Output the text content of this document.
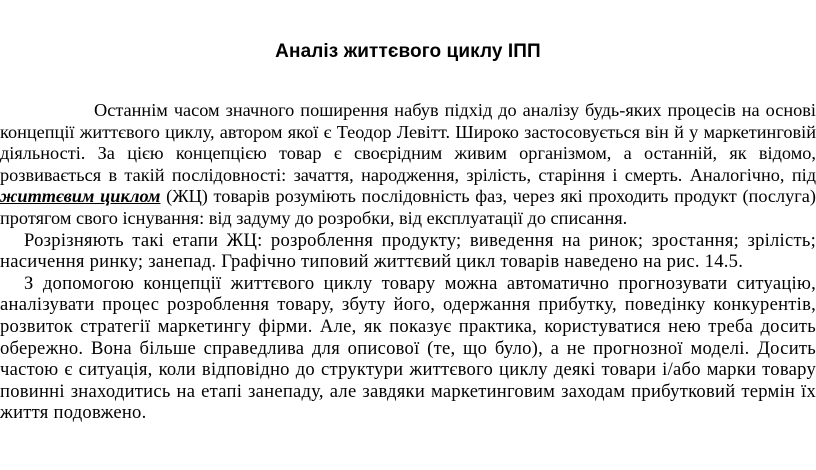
Аналіз життєвого циклу ІПП

Останнім часом значного поширення набув підхід до аналізу будь-яких процесів на основі концепції життєвого циклу, автором якої є Теодор Левітт. Широко застосовується він й у маркетинговій діяльності. За цією концепцією товар є своєрідним живим організмом, а останній, як відомо, розвивається в такій послідовності: зачаття, народження, зрілість, старіння і смерть. Аналогічно, під життєвим циклом (ЖЦ) товарів розуміють послідовність фаз, через які проходить продукт (послуга) протягом свого існування: від задуму до розробки, від експлуатації до списання.

Розрізняють такі етапи ЖЦ: розроблення продукту; виведення на ринок; зростання; зрілість; насичення ринку; занепад. Графічно типовий життєвий цикл товарів наведено на рис. 14.5.

З допомогою концепції життєвого циклу товару можна автоматично прогнозувати ситуацію, аналізувати процес розроблення товару, збуту його, одержання прибутку, поведінку конкурентів, розвиток стратегії маркетингу фірми. Але, як показує практика, користуватися нею треба досить обережно. Вона більше справедлива для описової (те, що було), а не прогнозної моделі. Досить частою є ситуація, коли відповідно до структури життєвого циклу деякі товари і/або марки товару повинні знаходитись на етапі занепаду, але завдяки маркетинговим заходам прибутковий термін їх життя подовжено.
